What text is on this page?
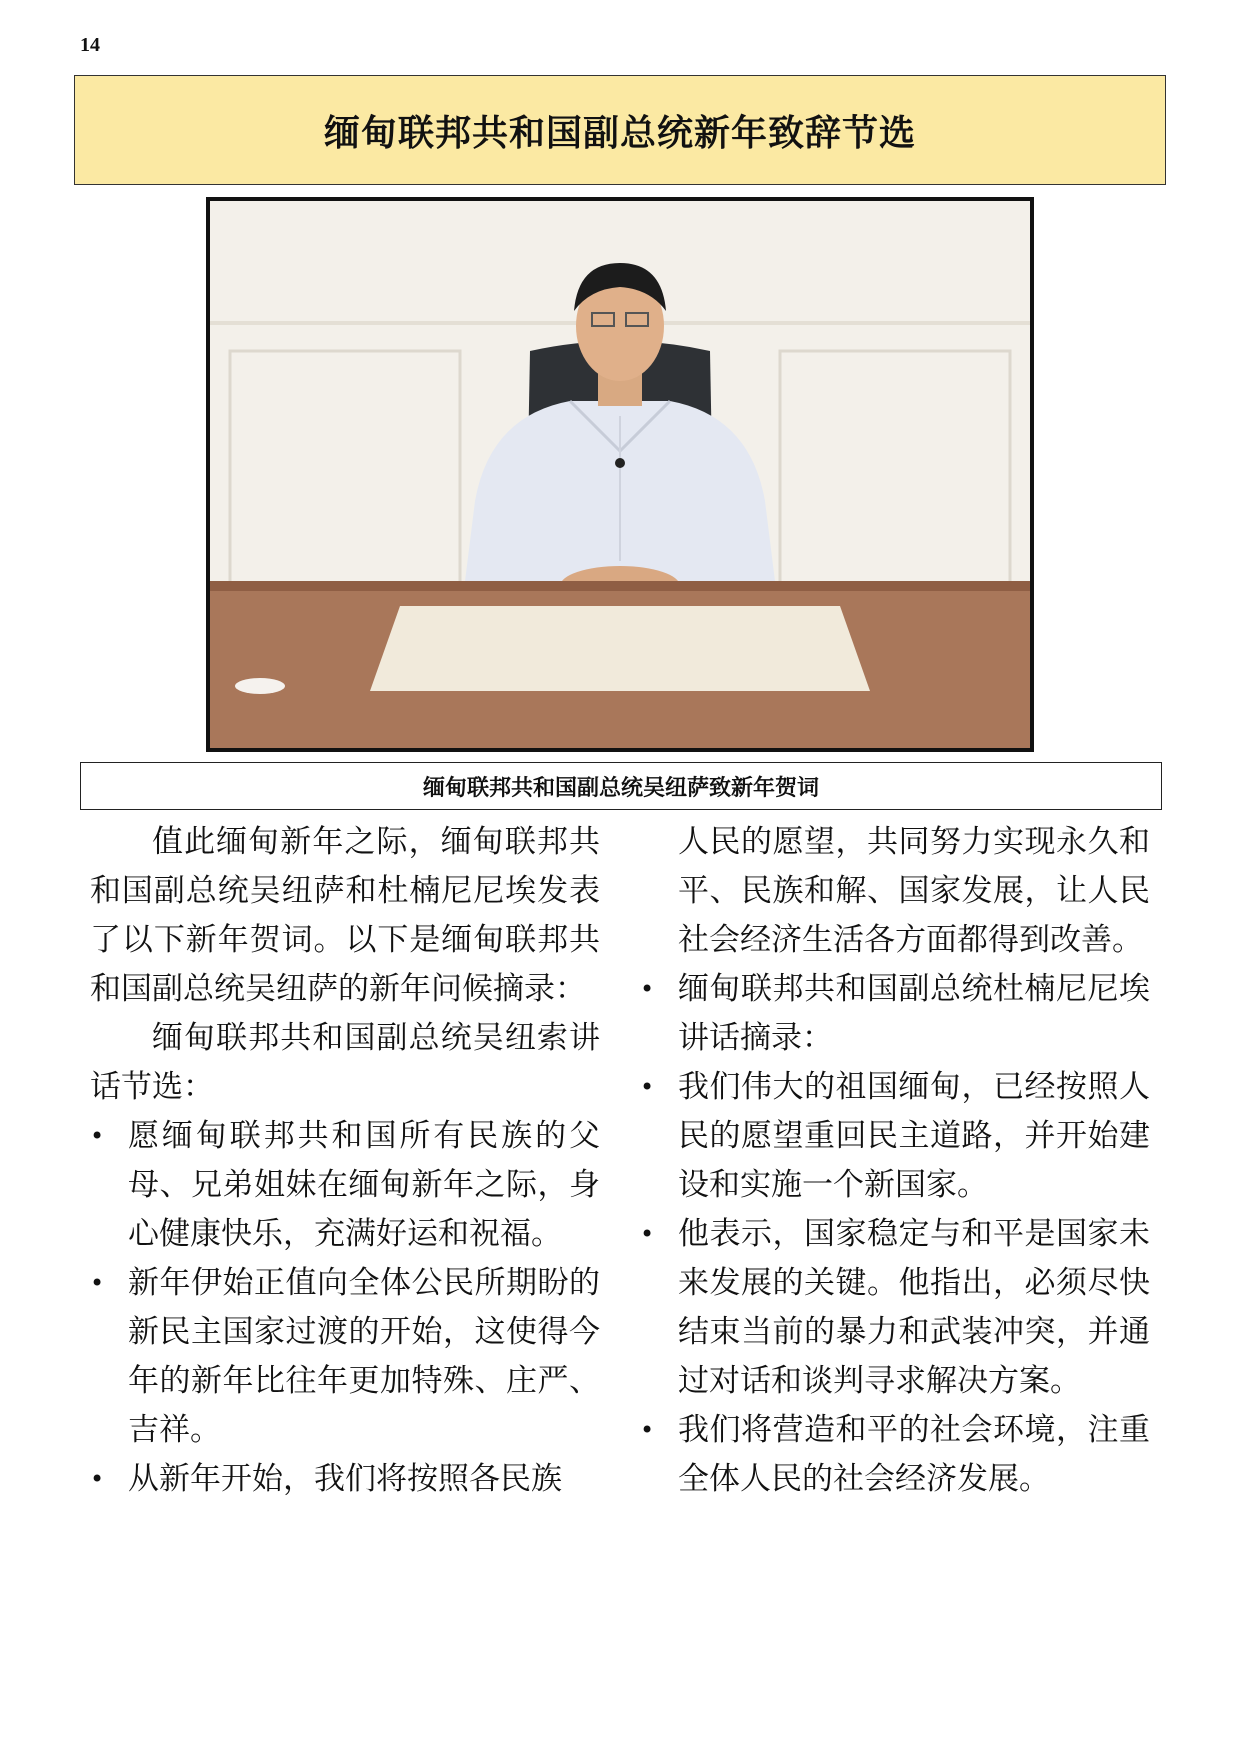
14
缅甸联邦共和国副总统新年致辞节选
缅甸联邦共和国副总统吴纽萨致新年贺词

值此缅甸新年之际，缅甸联邦共和国副总统吴纽萨和杜楠尼尼埃发表了以下新年贺词。以下是缅甸联邦共和国副总统吴纽萨的新年问候摘录：

缅甸联邦共和国副总统吴纽索讲话节选：

• 愿缅甸联邦共和国所有民族的父母、兄弟姐妹在缅甸新年之际，身心健康快乐，充满好运和祝福。
• 新年伊始正值向全体公民所期盼的新民主国家过渡的开始，这使得今年的新年比往年更加特殊、庄严、吉祥。
• 从新年开始，我们将按照各民族

人民的愿望，共同努力实现永久和平、民族和解、国家发展，让人民社会经济生活各方面都得到改善。

• 缅甸联邦共和国副总统杜楠尼尼埃讲话摘录：
• 我们伟大的祖国缅甸，已经按照人民的愿望重回民主道路，并开始建设和实施一个新国家。
• 他表示，国家稳定与和平是国家未来发展的关键。他指出，必须尽快结束当前的暴力和武装冲突，并通过对话和谈判寻求解决方案。
• 我们将营造和平的社会环境，注重全体人民的社会经济发展。
